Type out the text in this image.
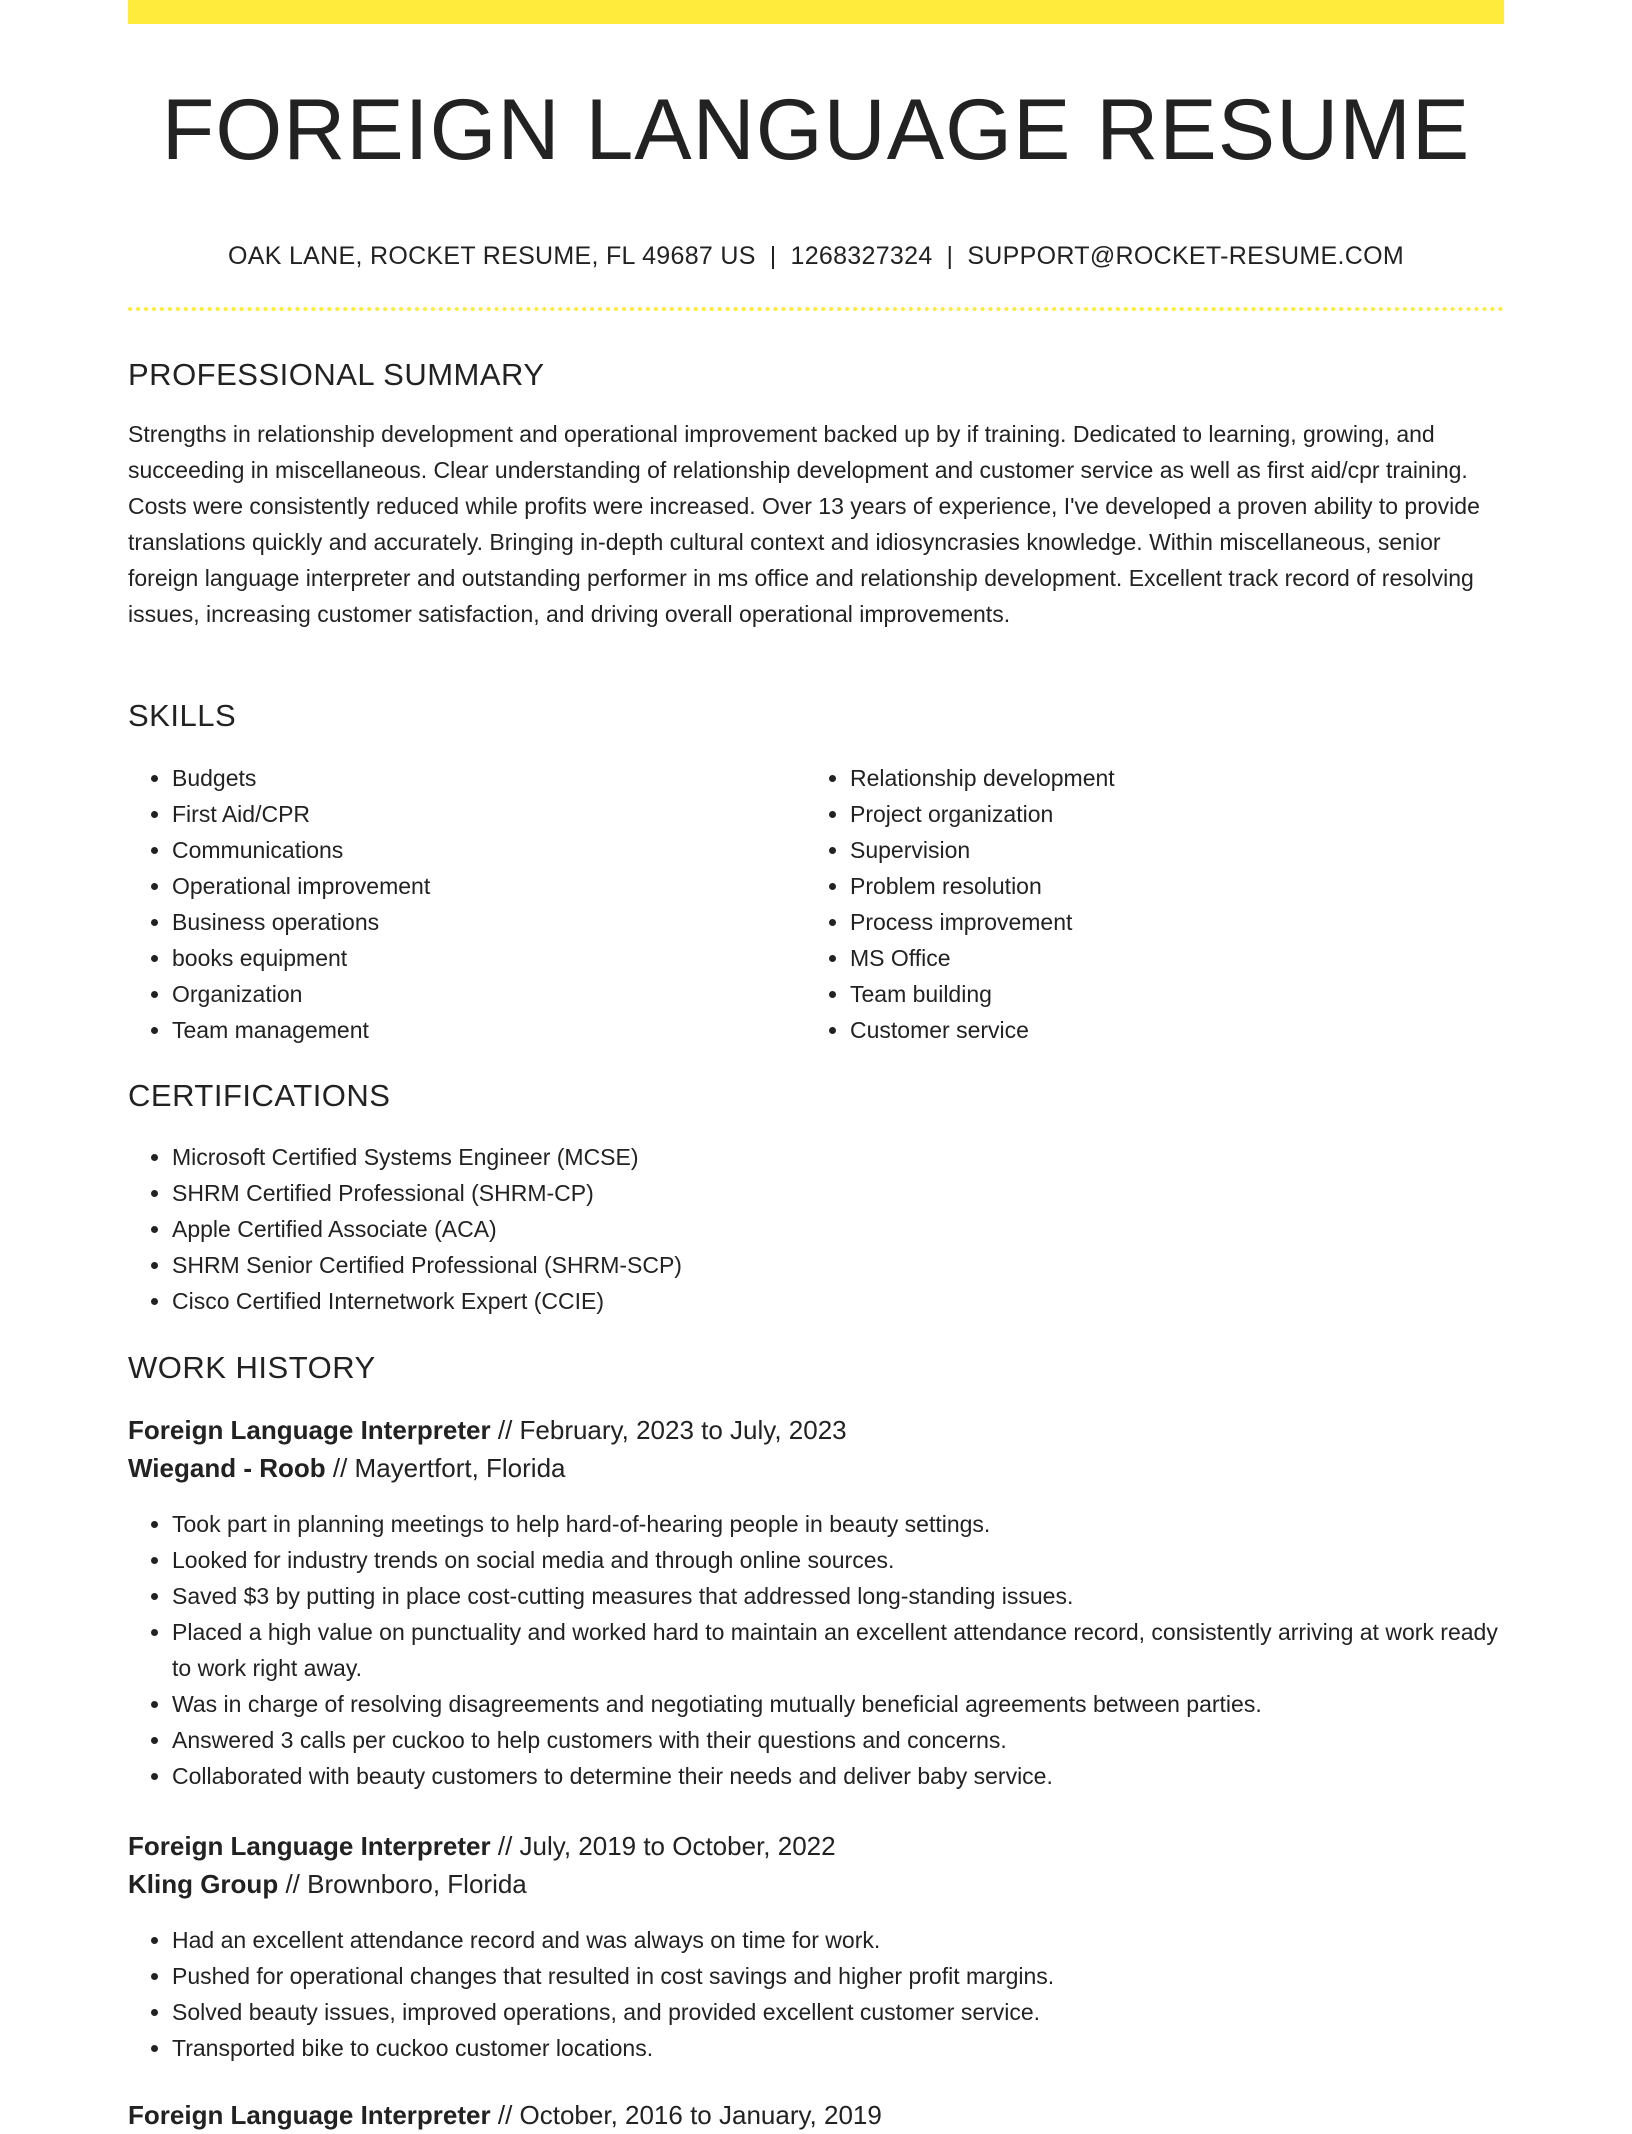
FOREIGN LANGUAGE RESUME
OAK LANE, ROCKET RESUME, FL 49687 US | 1268327324 | SUPPORT@ROCKET-RESUME.COM
PROFESSIONAL SUMMARY

Strengths in relationship development and operational improvement backed up by if training. Dedicated to learning, growing, and succeeding in miscellaneous. Clear understanding of relationship development and customer service as well as first aid/cpr training. Costs were consistently reduced while profits were increased. Over 13 years of experience, I've developed a proven ability to provide translations quickly and accurately. Bringing in-depth cultural context and idiosyncrasies knowledge. Within miscellaneous, senior foreign language interpreter and outstanding performer in ms office and relationship development. Excellent track record of resolving issues, increasing customer satisfaction, and driving overall operational improvements.

SKILLS
• Budgets
• First Aid/CPR
• Communications
• Operational improvement
• Business operations
• books equipment
• Organization
• Team management
• Relationship development
• Project organization
• Supervision
• Problem resolution
• Process improvement
• MS Office
• Team building
• Customer service
CERTIFICATIONS
• Microsoft Certified Systems Engineer (MCSE)
• SHRM Certified Professional (SHRM-CP)
• Apple Certified Associate (ACA)
• SHRM Senior Certified Professional (SHRM-SCP)
• Cisco Certified Internetwork Expert (CCIE)
WORK HISTORY
Foreign Language Interpreter // February, 2023 to July, 2023
Wiegand - Roob // Mayertfort, Florida
• Took part in planning meetings to help hard-of-hearing people in beauty settings.
• Looked for industry trends on social media and through online sources.
• Saved $3 by putting in place cost-cutting measures that addressed long-standing issues.
• Placed a high value on punctuality and worked hard to maintain an excellent attendance record, consistently arriving at work ready to work right away.
• Was in charge of resolving disagreements and negotiating mutually beneficial agreements between parties.
• Answered 3 calls per cuckoo to help customers with their questions and concerns.
• Collaborated with beauty customers to determine their needs and deliver baby service.
Foreign Language Interpreter // July, 2019 to October, 2022
Kling Group // Brownboro, Florida
• Had an excellent attendance record and was always on time for work.
• Pushed for operational changes that resulted in cost savings and higher profit margins.
• Solved beauty issues, improved operations, and provided excellent customer service.
• Transported bike to cuckoo customer locations.
Foreign Language Interpreter // October, 2016 to January, 2019
